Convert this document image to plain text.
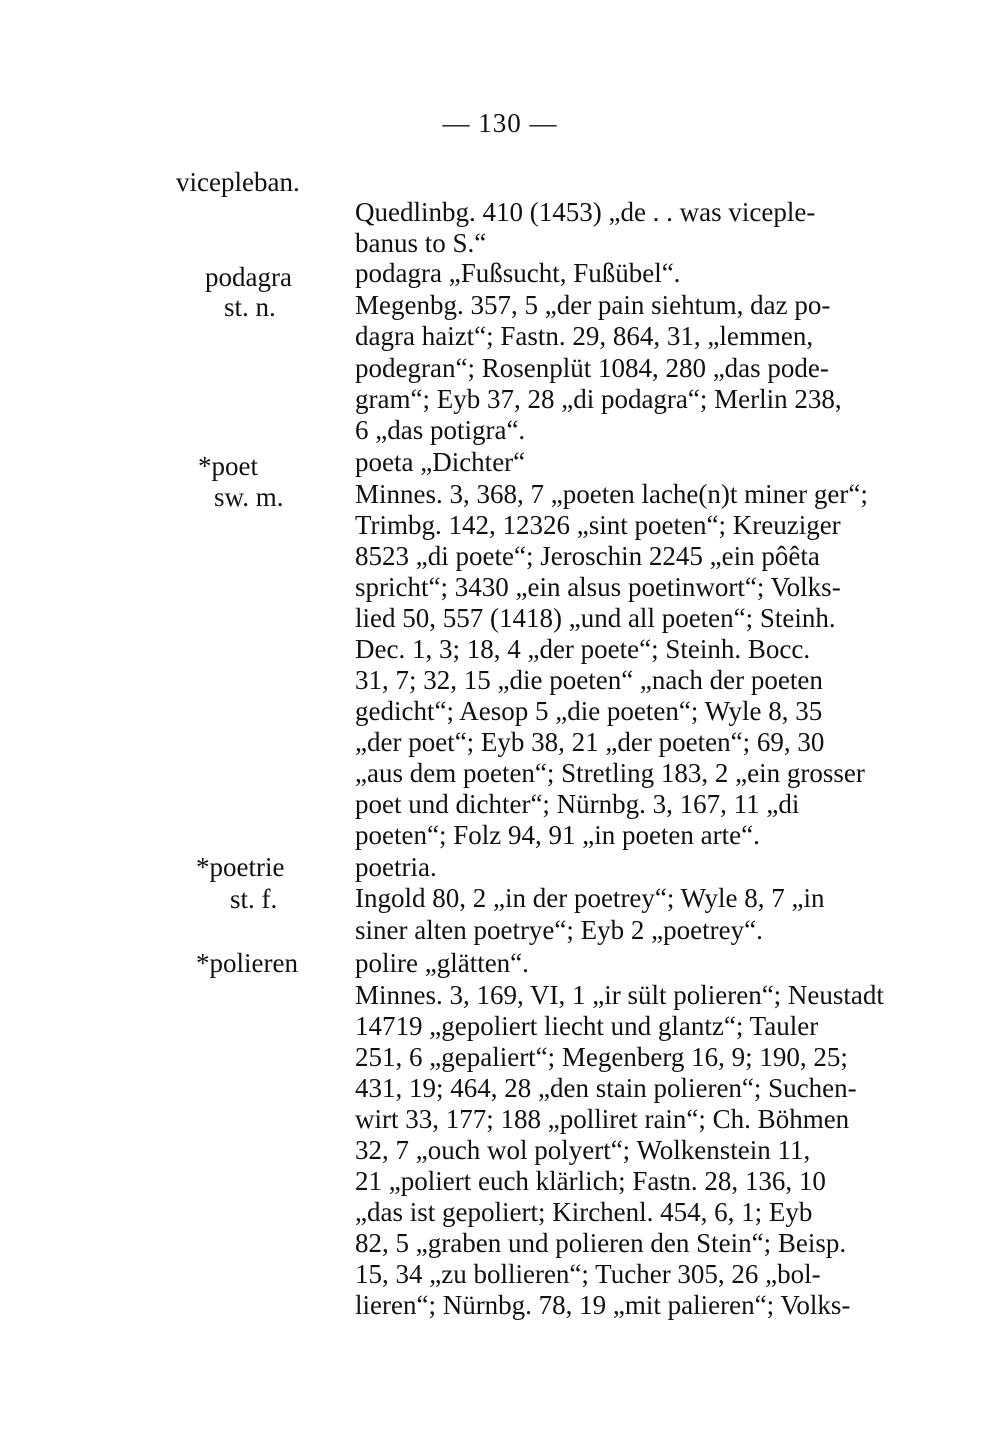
— 130 —
vicepleban.
Quedlinbg. 410 (1453) „de . . was viceple-
banus to S.“
podagra
st. n.
podagra „Fußsucht, Fußübel“.
Megenbg. 357, 5 „der pain siehtum, daz po-
dagra haizt“; Fastn. 29, 864, 31, „lemmen,
podegran“; Rosenplüt 1084, 280 „das pode-
gram“; Eyb 37, 28 „di podagra“; Merlin 238,
6 „das potigra“.
*poet
sw. m.
poeta „Dichter“
Minnes. 3, 368, 7 „poeten lache(n)t miner ger“;
Trimbg. 142, 12326 „sint poeten“; Kreuziger
8523 „di poete“; Jeroschin 2245 „ein pôêta
spricht“; 3430 „ein alsus poetinwort“; Volks-
lied 50, 557 (1418) „und all poeten“; Steinh.
Dec. 1, 3; 18, 4 „der poete“; Steinh. Bocc.
31, 7; 32, 15 „die poeten“ „nach der poeten
gedicht“; Aesop 5 „die poeten“; Wyle 8, 35
„der poet“; Eyb 38, 21 „der poeten“; 69, 30
„aus dem poeten“; Stretling 183, 2 „ein grosser
poet und dichter“; Nürnbg. 3, 167, 11 „di
poeten“; Folz 94, 91 „in poeten arte“.
*poetrie
st. f.
poetria.
Ingold 80, 2 „in der poetrey“; Wyle 8, 7 „in
siner alten poetrye“; Eyb 2 „poetrey“.
*polieren polire „glätten“.
Minnes. 3, 169, VI, 1 „ir sült polieren“; Neustadt
14719 „gepoliert liecht und glantz“; Tauler
251, 6 „gepaliert“; Megenberg 16, 9; 190, 25;
431, 19; 464, 28 „den stain polieren“; Suchen-
wirt 33, 177; 188 „polliret rain“; Ch. Böhmen
32, 7 „ouch wol polyert“; Wolkenstein 11,
21 „poliert euch klärlich; Fastn. 28, 136, 10
„das ist gepoliert; Kirchenl. 454, 6, 1; Eyb
82, 5 „graben und polieren den Stein“; Beisp.
15, 34 „zu bollieren“; Tucher 305, 26 „bol-
lieren“; Nürnbg. 78, 19 „mit palieren“; Volks-
